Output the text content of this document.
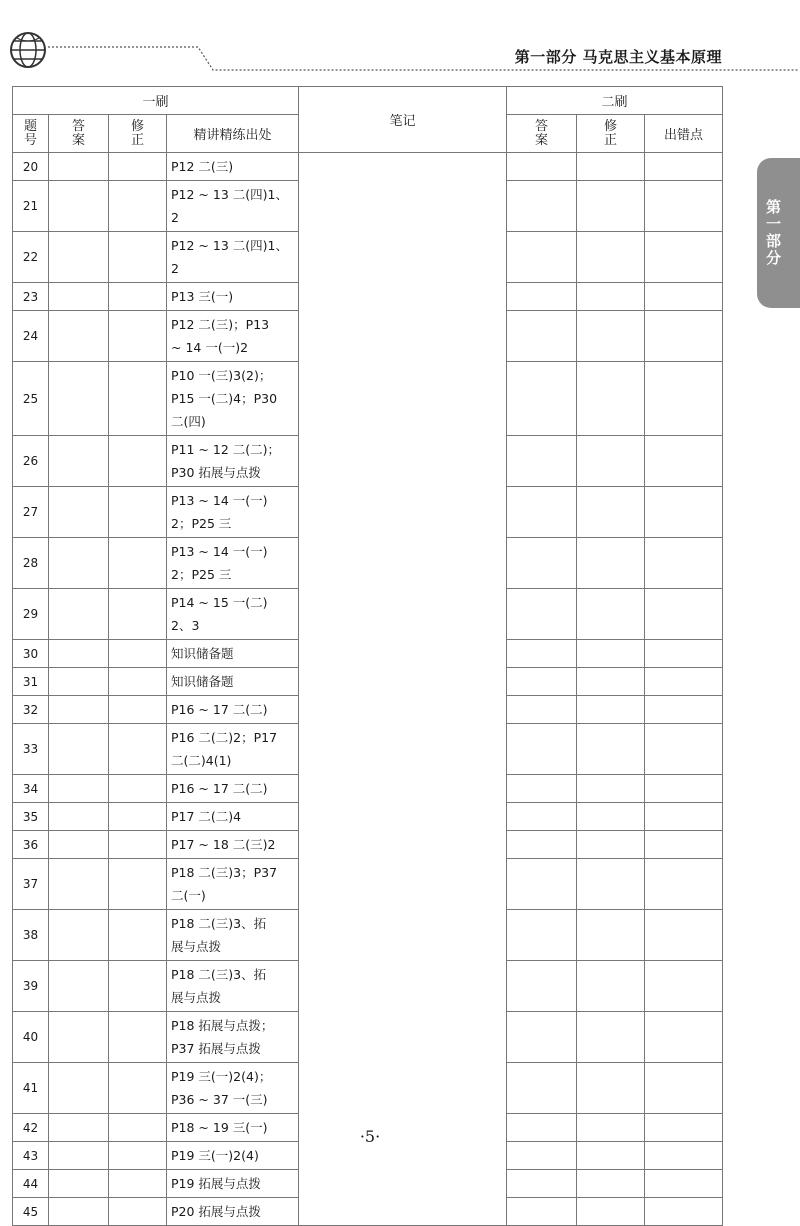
第一部分 马克思主义基本原理
第一部分
一刷				笔记	二刷		
题号	答案	修正	精讲精练出处		答案	修正	出错点
20			P12 二(三)				
21			P12 ~ 13 二(四)1、2				
22			P12 ~ 13 二(四)1、2				
23			P13 三(一)				
24			P12 二(三)；P13
~ 14 一(一)2				
25			P10 一(三)3(2)；
P15 一(二)4；P30
二(四)				
26			P11 ~ 12 二(二)；
P30 拓展与点拨				
27			P13 ~ 14 一(一)
2；P25 三				
28			P13 ~ 14 一(一)
2；P25 三				
29			P14 ~ 15 一(二)
2、3				
30			知识储备题				
31			知识储备题				
32			P16 ~ 17 二(二)				
33			P16 二(二)2；P17
二(二)4(1)				
34			P16 ~ 17 二(二)				
35			P17 二(二)4				
36			P17 ~ 18 二(三)2				
37			P18 二(三)3；P37
二(一)				
38			P18 二(三)3、拓
展与点拨				
39			P18 二(三)3、拓
展与点拨				
40			P18 拓展与点拨；
P37 拓展与点拨				
41			P19 三(一)2(4)；
P36 ~ 37 一(三)				
42			P18 ~ 19 三(一)				
43			P19 三(一)2(4)				
44			P19 拓展与点拨				
45			P20 拓展与点拨				
·5·
